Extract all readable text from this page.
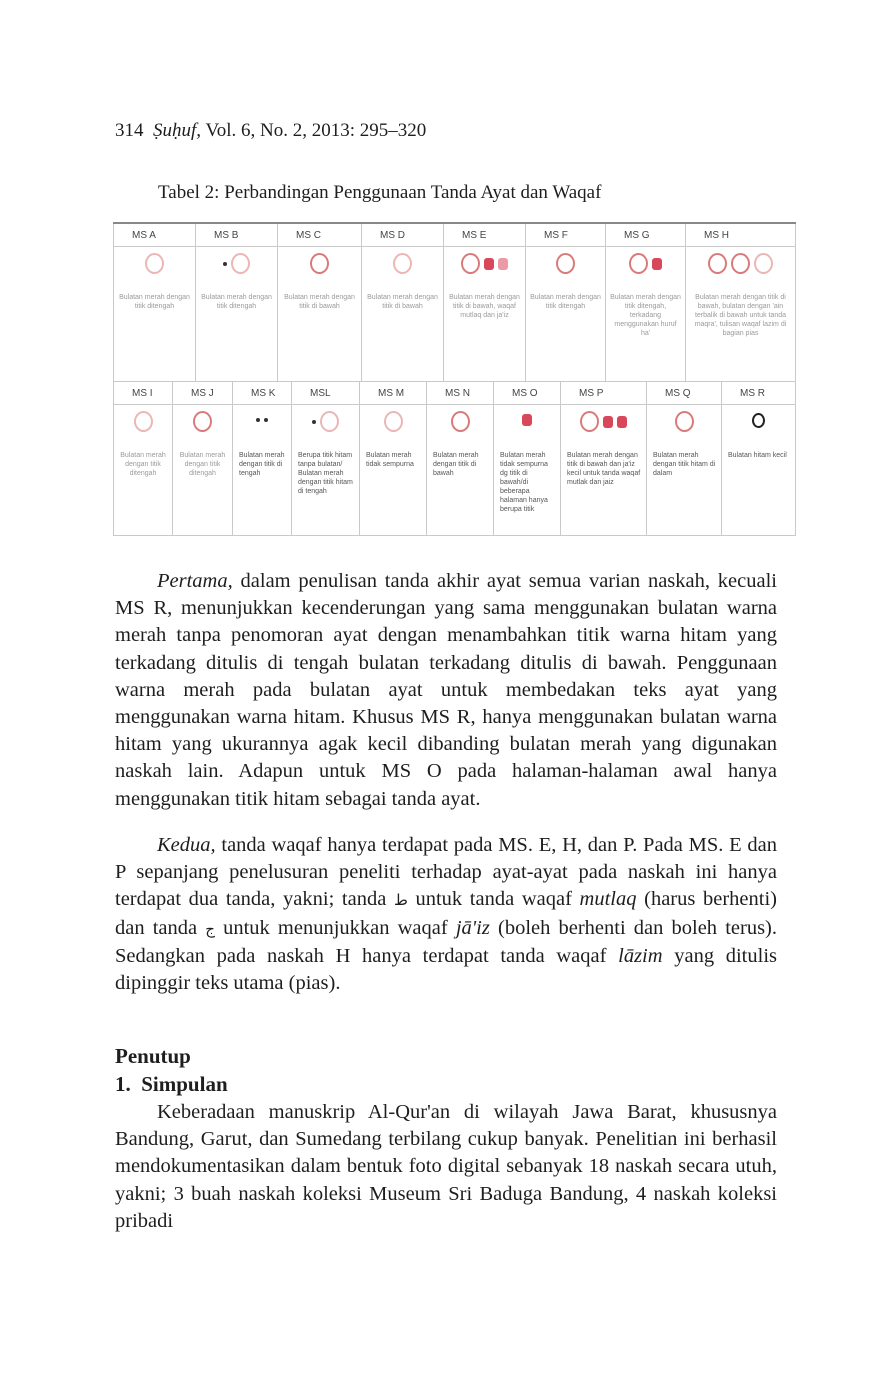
314 Ṣuḥuf, Vol. 6, No. 2, 2013: 295–320
Tabel 2: Perbandingan Penggunaan Tanda Ayat dan Waqaf
MS A	MS B	MS C	MS D	MS E	MS F	MS G	MS H

Bulatan merah dengan titik ditengah	Bulatan merah dengan titik ditengah	Bulatan merah dengan titik di bawah	Bulatan merah dengan titik di bawah	Bulatan merah dengan titik di bawah, waqaf mutlaq dan ja'iz	Bulatan merah dengan titik ditengah	Bulatan merah dengan titik ditengah, terkadang menggunakan huruf ha'	Bulatan merah dengan titik di bawah, bulatan dengan 'ain terbalik di bawah untuk tanda maqra', tulisan waqaf lazim di bagian pias
MS I	MS J	MS K	MSL	MS M	MS N	MS O	MS P	MS Q	MS R

Bulatan merah dengan titik ditengah	Bulatan merah dengan titik ditengah	Bulatan merah dengan titik di tengah	Berupa titik hitam tanpa bulatan/ Bulatan merah dengan titik hitam di tengah	Bulatan merah tidak sempurna	Bulatan merah dengan titik di bawah	Bulatan merah tidak sempurna dg titik di bawah/di beberapa halaman hanya berupa titik	Bulatan merah dengan titik di bawah dan ja'iz kecil untuk tanda waqaf mutlak dan jaiz	Bulatan merah dengan titik hitam di dalam	Bulatan hitam kecil

Pertama, dalam penulisan tanda akhir ayat semua varian naskah, kecuali MS R, menunjukkan kecenderungan yang sama menggunakan bulatan warna merah tanpa penomoran ayat dengan menambahkan titik warna hitam yang terkadang ditulis di tengah bulatan terkadang ditulis di bawah. Penggunaan warna merah pada bulatan ayat untuk membedakan teks ayat yang menggunakan warna hitam. Khusus MS R, hanya menggunakan bulatan warna hitam yang ukurannya agak kecil dibanding bulatan merah yang digunakan naskah lain. Adapun untuk MS O pada halaman-halaman awal hanya menggunakan titik hitam sebagai tanda ayat.

Kedua, tanda waqaf hanya terdapat pada MS. E, H, dan P. Pada MS. E dan P sepanjang penelusuran peneliti terhadap ayat-ayat pada naskah ini hanya terdapat dua tanda, yakni; tanda ط untuk tanda waqaf mutlaq (harus berhenti) dan tanda ج untuk menunjukkan waqaf jā'iz (boleh berhenti dan boleh terus). Sedangkan pada naskah H hanya terdapat tanda waqaf lāzim yang ditulis dipinggir teks utama (pias).

Penutup
1.  Simpulan

Keberadaan manuskrip Al-Qur'an di wilayah Jawa Barat, khususnya Bandung, Garut, dan Sumedang terbilang cukup banyak. Penelitian ini berhasil mendokumentasikan dalam bentuk foto digital sebanyak 18 naskah secara utuh, yakni; 3 buah naskah koleksi Museum Sri Baduga Bandung, 4 naskah koleksi pribadi
